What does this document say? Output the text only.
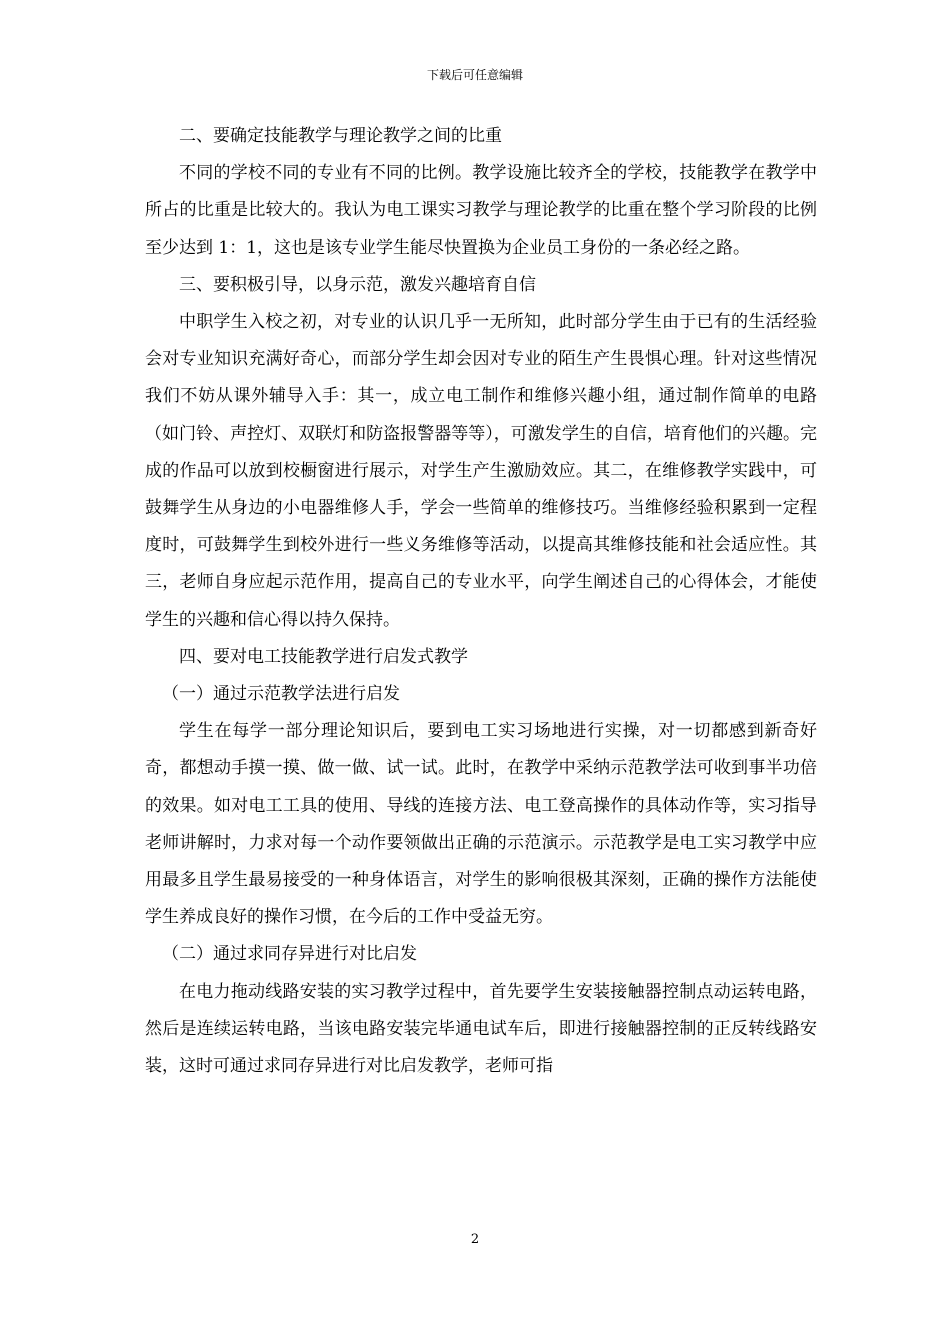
下载后可任意编辑

二、要确定技能教学与理论教学之间的比重

不同的学校不同的专业有不同的比例。教学设施比较齐全的学校，技能教学在教学中所占的比重是比较大的。我认为电工课实习教学与理论教学的比重在整个学习阶段的比例至少达到 1：1，这也是该专业学生能尽快置换为企业员工身份的一条必经之路。

三、要积极引导，以身示范，激发兴趣培育自信

中职学生入校之初，对专业的认识几乎一无所知，此时部分学生由于已有的生活经验会对专业知识充满好奇心，而部分学生却会因对专业的陌生产生畏惧心理。针对这些情况我们不妨从课外辅导入手：其一，成立电工制作和维修兴趣小组，通过制作简单的电路（如门铃、声控灯、双联灯和防盗报警器等等），可激发学生的自信，培育他们的兴趣。完成的作品可以放到校橱窗进行展示，对学生产生激励效应。其二，在维修教学实践中，可鼓舞学生从身边的小电器维修人手，学会一些简单的维修技巧。当维修经验积累到一定程度时，可鼓舞学生到校外进行一些义务维修等活动，以提高其维修技能和社会适应性。其三，老师自身应起示范作用，提高自己的专业水平，向学生阐述自己的心得体会，才能使学生的兴趣和信心得以持久保持。

四、要对电工技能教学进行启发式教学

（一）通过示范教学法进行启发

学生在每学一部分理论知识后，要到电工实习场地进行实操，对一切都感到新奇好奇，都想动手摸一摸、做一做、试一试。此时，在教学中采纳示范教学法可收到事半功倍的效果。如对电工工具的使用、导线的连接方法、电工登高操作的具体动作等，实习指导老师讲解时，力求对每一个动作要领做出正确的示范演示。示范教学是电工实习教学中应用最多且学生最易接受的一种身体语言，对学生的影响很极其深刻，正确的操作方法能使学生养成良好的操作习惯，在今后的工作中受益无穷。

（二）通过求同存异进行对比启发

在电力拖动线路安装的实习教学过程中，首先要学生安装接触器控制点动运转电路，然后是连续运转电路，当该电路安装完毕通电试车后，即进行接触器控制的正反转线路安装，这时可通过求同存异进行对比启发教学，老师可指

2
